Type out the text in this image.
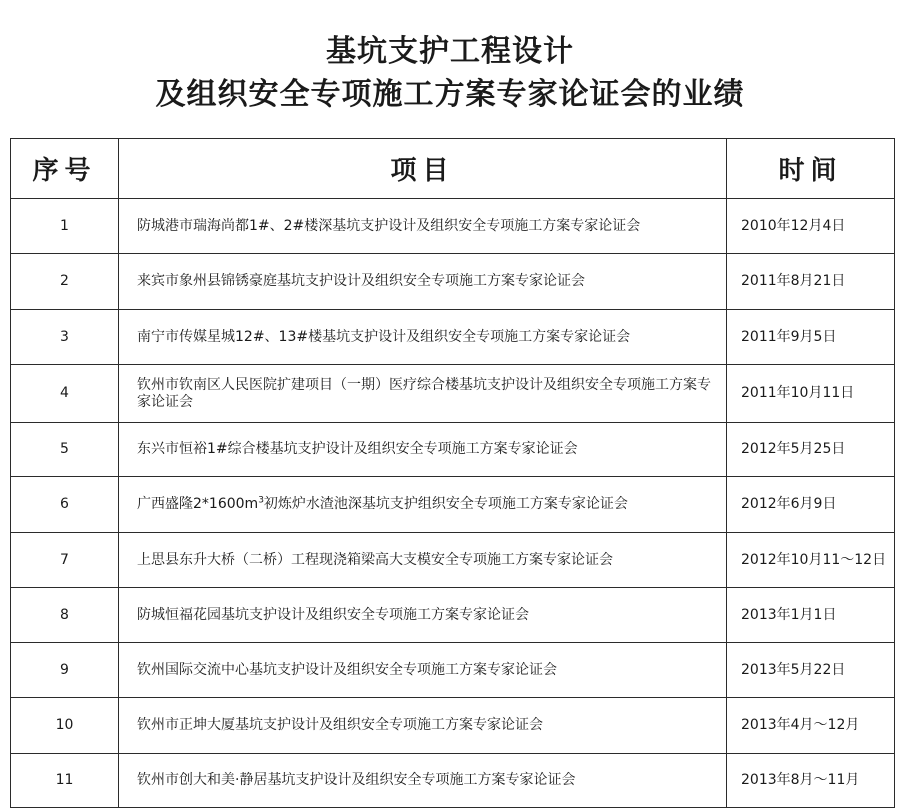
基坑支护工程设计
及组织安全专项施工方案专家论证会的业绩
序号	项目	时间
1	防城港市瑞海尚都1#、2#楼深基坑支护设计及组织安全专项施工方案专家论证会	2010年12月4日
2	来宾市象州县锦锈豪庭基坑支护设计及组织安全专项施工方案专家论证会	2011年8月21日
3	南宁市传媒星城12#、13#楼基坑支护设计及组织安全专项施工方案专家论证会	2011年9月5日
4	钦州市钦南区人民医院扩建项目（一期）医疗综合楼基坑支护设计及组织安全专项施工方案专家论证会	2011年10月11日
5	东兴市恒裕1#综合楼基坑支护设计及组织安全专项施工方案专家论证会	2012年5月25日
6	广西盛隆$2*1600m^3$初炼炉水渣池深基坑支护组织安全专项施工方案专家论证会	2012年6月9日
7	上思县东升大桥（二桥）工程现浇箱梁高大支模安全专项施工方案专家论证会	2012年10月11～12日
8	防城恒福花园基坑支护设计及组织安全专项施工方案专家论证会	2013年1月1日
9	钦州国际交流中心基坑支护设计及组织安全专项施工方案专家论证会	2013年5月22日
10	钦州市正坤大厦基坑支护设计及组织安全专项施工方案专家论证会	2013年4月～12月
11	钦州市创大和美·静居基坑支护设计及组织安全专项施工方案专家论证会	2013年8月～11月
